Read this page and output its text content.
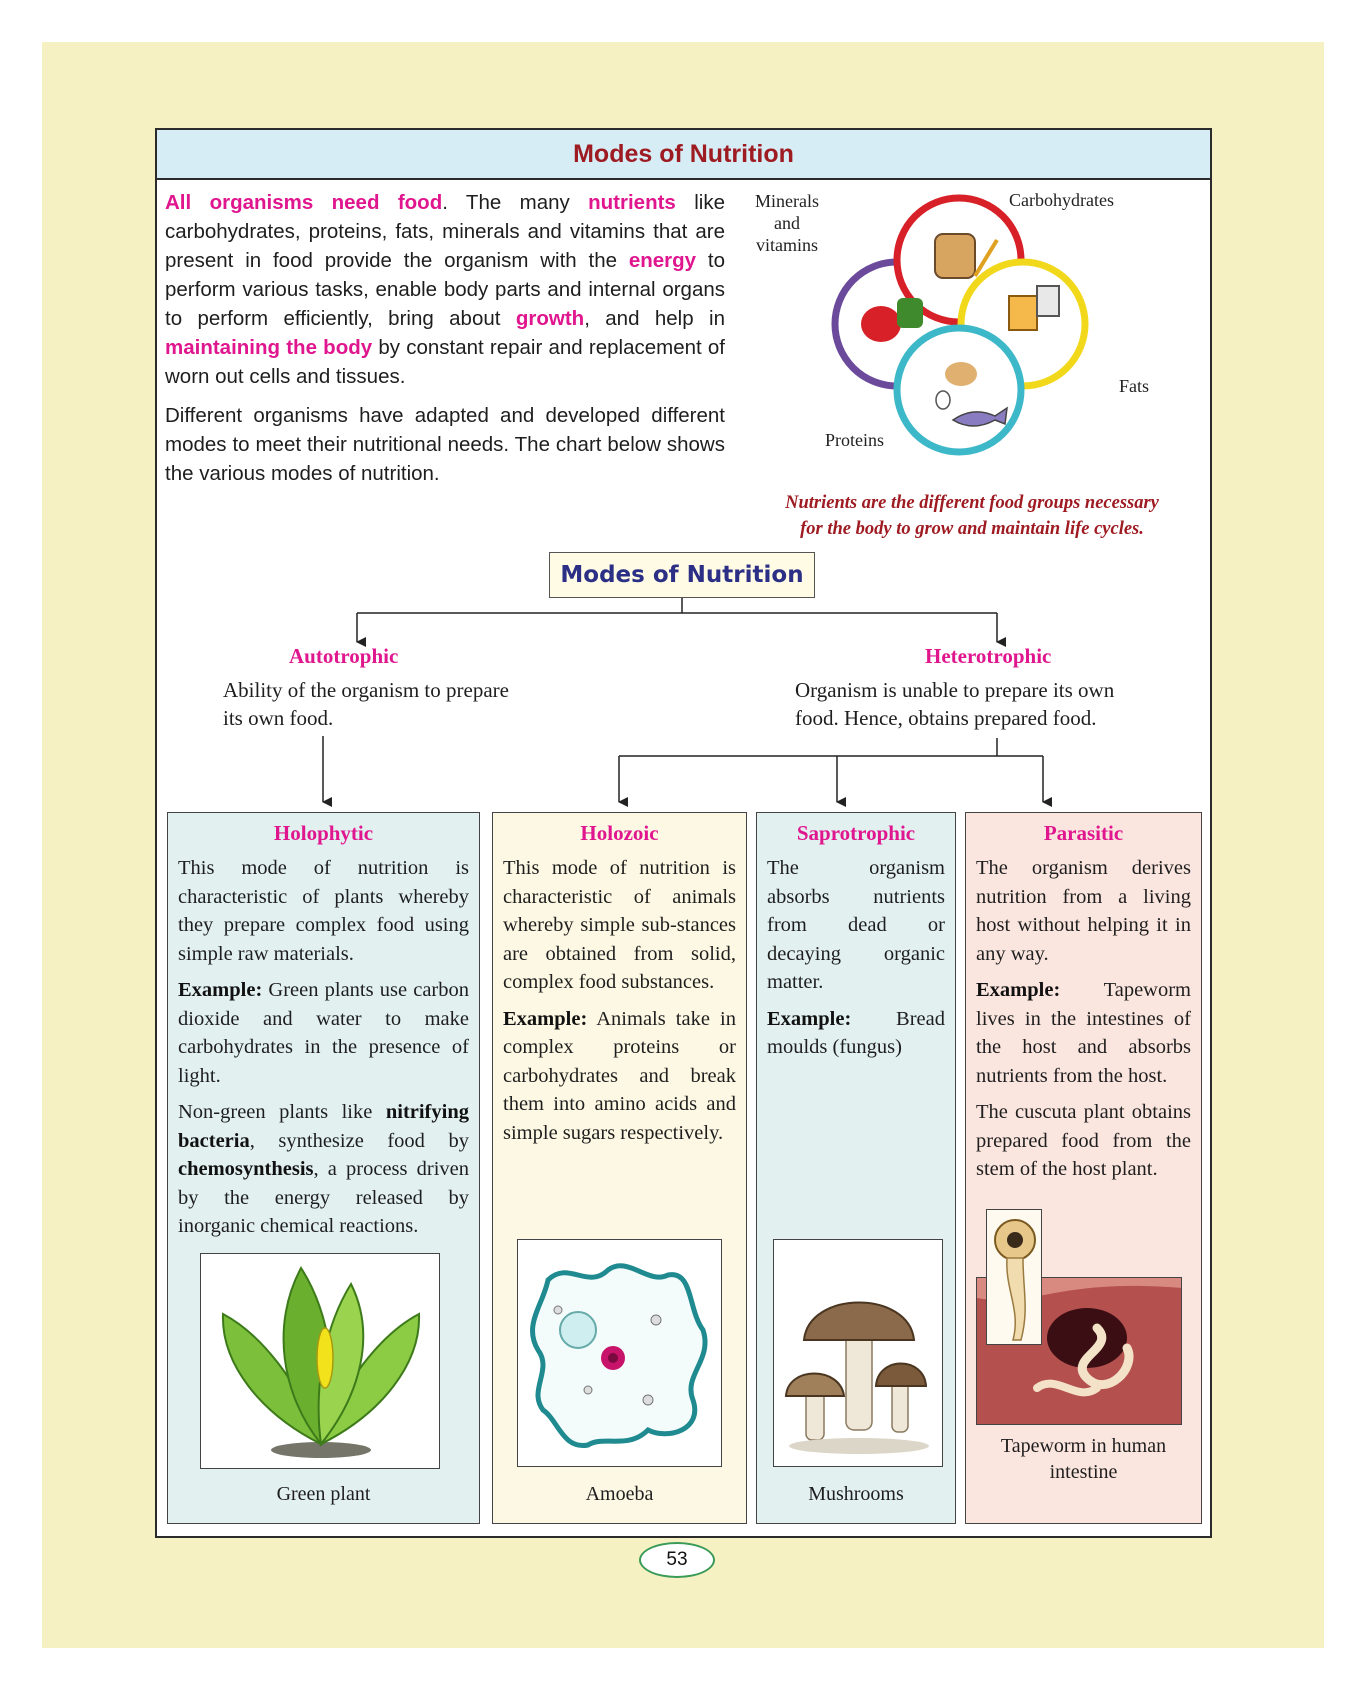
Modes of Nutrition

All organisms need food. The many nutrients like carbohydrates, proteins, fats, minerals and vitamins that are present in food provide the organism with the energy to perform various tasks, enable body parts and internal organs to perform efficiently, bring about growth, and help in maintaining the body by constant repair and replacement of worn out cells and tissues.

Different organisms have adapted and developed different modes to meet their nutritional needs. The chart below shows the various modes of nutrition.

Minerals
and
vitamins
Carbohydrates
Fats
Proteins
Nutrients are the different food groups necessary
for the body to grow and maintain life cycles.
Modes of Nutrition
Autotrophic
Ability of the organism to prepare
its own food.
Heterotrophic
Organism is unable to prepare its own
food. Hence, obtains prepared food.
Holophytic

This mode of nutrition is characteristic of plants whereby they prepare complex food using simple raw materials.

Example: Green plants use carbon dioxide and water to make carbohydrates in the presence of light.

Non-green plants like nitrifying bacteria, synthesize food by chemosynthesis, a process driven by the energy released by inorganic chemical reactions.

Green plant
Holozoic

This mode of nutrition is characteristic of animals whereby simple sub-stances are obtained from solid, complex food substances.

Example: Animals take in complex proteins or carbohydrates and break them into amino acids and simple sugars respectively.

Amoeba
Saprotrophic

The organism absorbs nutrients from dead or decaying organic matter.

Example: Bread moulds (fungus)

Mushrooms
Parasitic

The organism derives nutrition from a living host without helping it in any way.

Example: Tapeworm lives in the intestines of the host and absorbs nutrients from the host.

The cuscuta plant obtains prepared food from the stem of the host plant.

Tapeworm in human intestine
53
